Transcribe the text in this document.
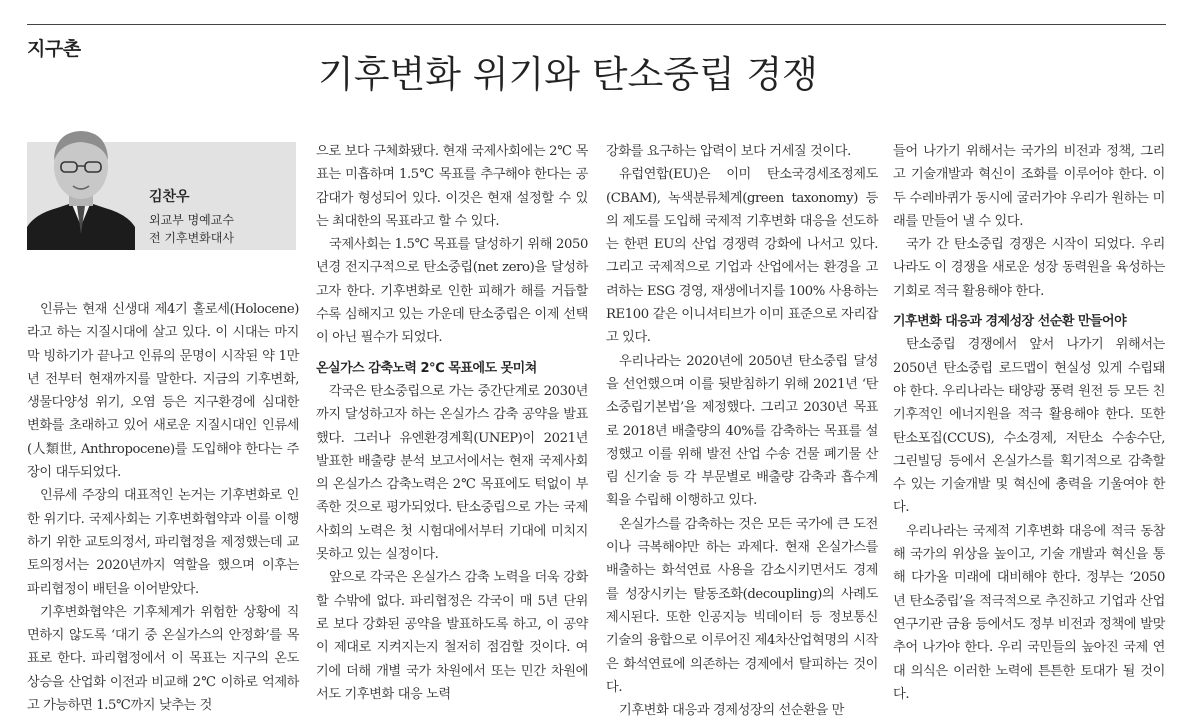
지구촌
기후변화 위기와 탄소중립 경쟁
김찬우
외교부 명예교수
전 기후변화대사

인류는 현재 신생대 제4기 홀로세(Holocene)라고 하는 지질시대에 살고 있다. 이 시대는 마지막 빙하기가 끝나고 인류의 문명이 시작된 약 1만년 전부터 현재까지를 말한다. 지금의 기후변화, 생물다양성 위기, 오염 등은 지구환경에 심대한 변화를 초래하고 있어 새로운 지질시대인 인류세(人類世, Anthropocene)를 도입해야 한다는 주장이 대두되었다.

인류세 주장의 대표적인 논거는 기후변화로 인한 위기다. 국제사회는 기후변화협약과 이를 이행하기 위한 교토의정서, 파리협정을 제정했는데 교토의정서는 2020년까지 역할을 했으며 이후는 파리협정이 배턴을 이어받았다.

기후변화협약은 기후체계가 위험한 상황에 직면하지 않도록 ‘대기 중 온실가스의 안정화’를 목표로 한다. 파리협정에서 이 목표는 지구의 온도상승을 산업화 이전과 비교해 2℃ 이하로 억제하고 가능하면 1.5℃까지 낮추는 것

으로 보다 구체화됐다. 현재 국제사회에는 2℃ 목표는 미흡하며 1.5℃ 목표를 추구해야 한다는 공감대가 형성되어 있다. 이것은 현재 설정할 수 있는 최대한의 목표라고 할 수 있다.

국제사회는 1.5℃ 목표를 달성하기 위해 2050년경 전지구적으로 탄소중립(net zero)을 달성하고자 한다. 기후변화로 인한 피해가 해를 거듭할수록 심해지고 있는 가운데 탄소중립은 이제 선택이 아닌 필수가 되었다.

온실가스 감축노력 2℃ 목표에도 못미쳐

각국은 탄소중립으로 가는 중간단계로 2030년까지 달성하고자 하는 온실가스 감축 공약을 발표했다. 그러나 유엔환경계획(UNEP)이 2021년 발표한 배출량 분석 보고서에서는 현재 국제사회의 온실가스 감축노력은 2℃ 목표에도 턱없이 부족한 것으로 평가되었다. 탄소중립으로 가는 국제사회의 노력은 첫 시험대에서부터 기대에 미치지 못하고 있는 실정이다.

앞으로 각국은 온실가스 감축 노력을 더욱 강화할 수밖에 없다. 파리협정은 각국이 매 5년 단위로 보다 강화된 공약을 발표하도록 하고, 이 공약이 제대로 지켜지는지 철저히 점검할 것이다. 여기에 더해 개별 국가 차원에서 또는 민간 차원에서도 기후변화 대응 노력

강화를 요구하는 압력이 보다 거세질 것이다.

유럽연합(EU)은 이미 탄소국경세조정제도(CBAM), 녹색분류체계(green taxonomy) 등의 제도를 도입해 국제적 기후변화 대응을 선도하는 한편 EU의 산업 경쟁력 강화에 나서고 있다. 그리고 국제적으로 기업과 산업에서는 환경을 고려하는 ESG 경영, 재생에너지를 100% 사용하는 RE100 같은 이니셔티브가 이미 표준으로 자리잡고 있다.

우리나라는 2020년에 2050년 탄소중립 달성을 선언했으며 이를 뒷받침하기 위해 2021년 ‘탄소중립기본법’을 제정했다. 그리고 2030년 목표로 2018년 배출량의 40%를 감축하는 목표를 설정했고 이를 위해 발전 산업 수송 건물 폐기물 산림 신기술 등 각 부문별로 배출량 감축과 흡수계획을 수립해 이행하고 있다.

온실가스를 감축하는 것은 모든 국가에 큰 도전이나 극복해야만 하는 과제다. 현재 온실가스를 배출하는 화석연료 사용을 감소시키면서도 경제를 성장시키는 탈동조화(decoupling)의 사례도 제시된다. 또한 인공지능 빅데이터 등 정보통신 기술의 융합으로 이루어진 제4차산업혁명의 시작은 화석연료에 의존하는 경제에서 탈피하는 것이다.

기후변화 대응과 경제성장의 선순환을 만

들어 나가기 위해서는 국가의 비전과 정책, 그리고 기술개발과 혁신이 조화를 이루어야 한다. 이 두 수레바퀴가 동시에 굴러가야 우리가 원하는 미래를 만들어 낼 수 있다.

국가 간 탄소중립 경쟁은 시작이 되었다. 우리나라도 이 경쟁을 새로운 성장 동력원을 육성하는 기회로 적극 활용해야 한다.

기후변화 대응과 경제성장 선순환 만들어야

탄소중립 경쟁에서 앞서 나가기 위해서는 2050년 탄소중립 로드맵이 현실성 있게 수립돼야 한다. 우리나라는 태양광 풍력 원전 등 모든 친기후적인 에너지원을 적극 활용해야 한다. 또한 탄소포집(CCUS), 수소경제, 저탄소 수송수단, 그린빌딩 등에서 온실가스를 획기적으로 감축할 수 있는 기술개발 및 혁신에 총력을 기울여야 한다.

우리나라는 국제적 기후변화 대응에 적극 동참해 국가의 위상을 높이고, 기술 개발과 혁신을 통해 다가올 미래에 대비해야 한다. 정부는 ‘2050년 탄소중립’을 적극적으로 추진하고 기업과 산업 연구기관 금융 등에서도 정부 비전과 정책에 발맞추어 나가야 한다. 우리 국민들의 높아진 국제 연대 의식은 이러한 노력에 튼튼한 토대가 될 것이다.
